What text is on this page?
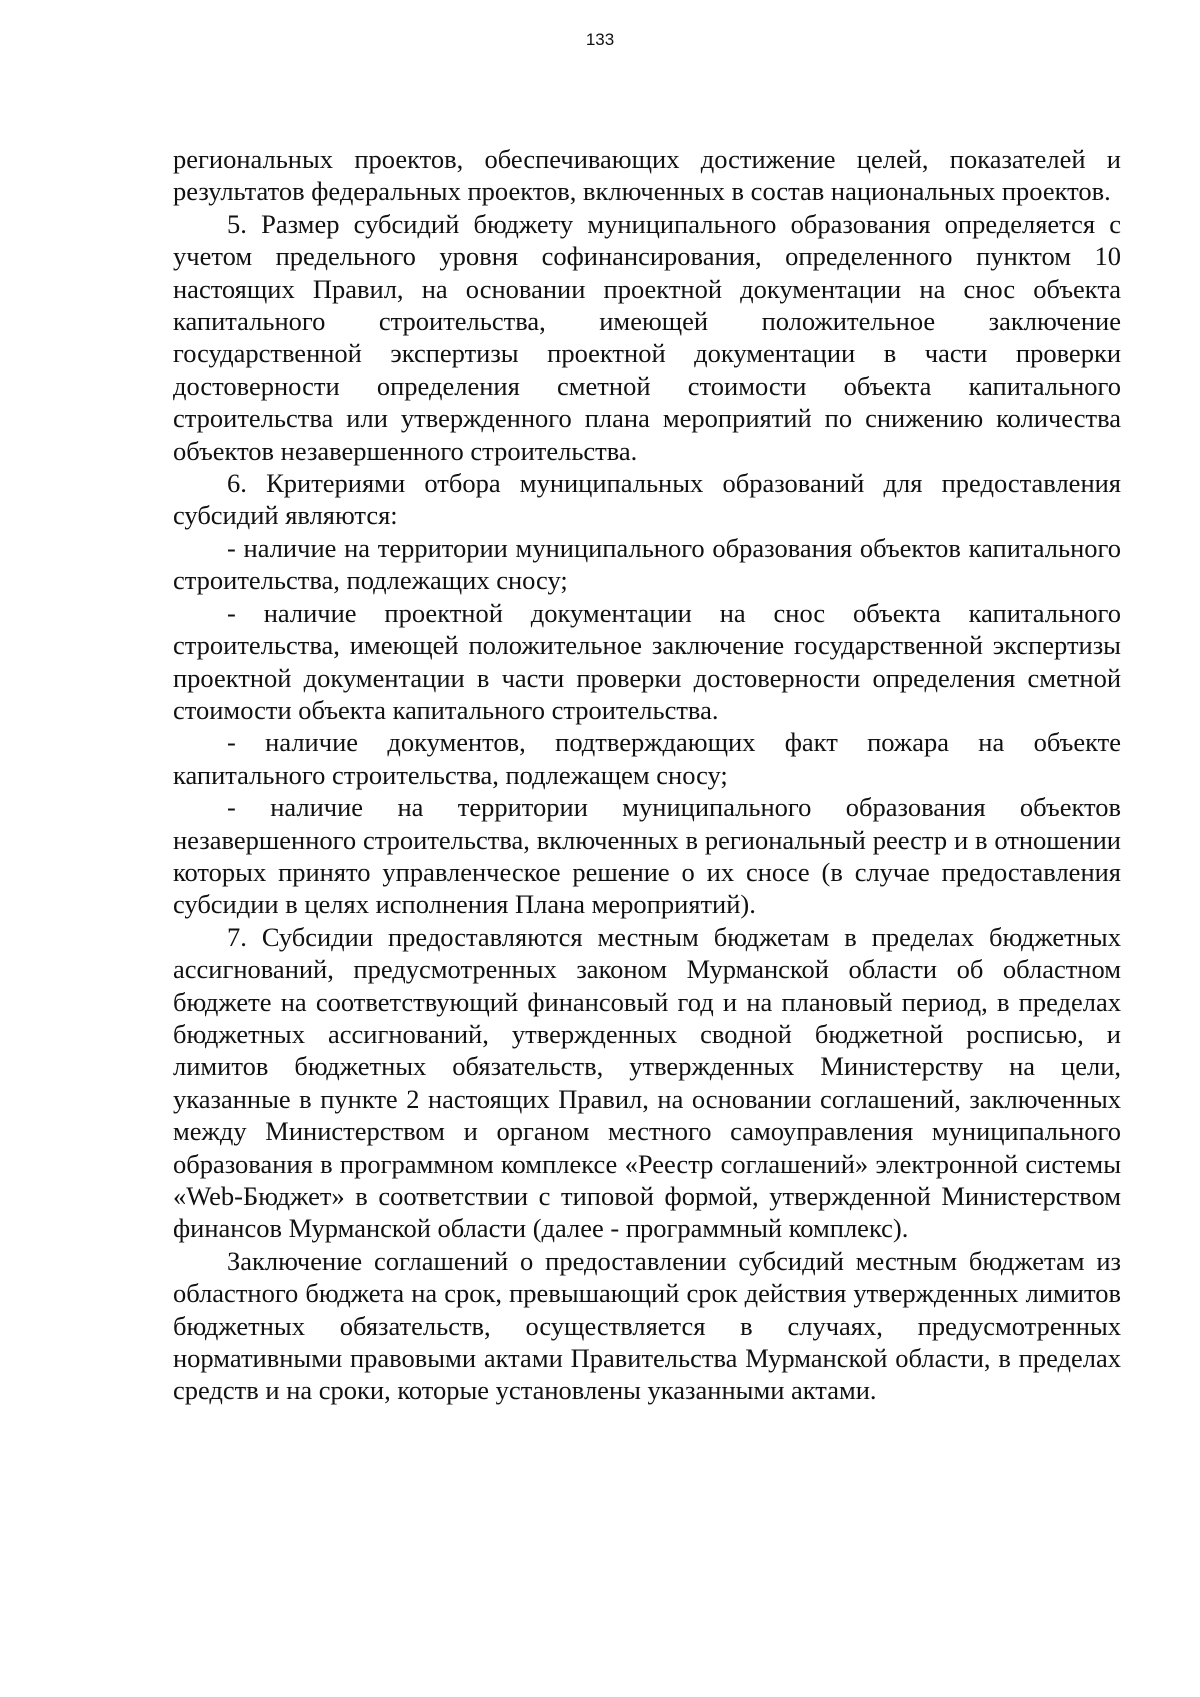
133

региональных проектов, обеспечивающих достижение целей, показателей и результатов федеральных проектов, включенных в состав национальных проектов.

5. Размер субсидий бюджету муниципального образования определяется с учетом предельного уровня софинансирования, определенного пунктом 10 настоящих Правил, на основании проектной документации на снос объекта капитального строительства, имеющей положительное заключение государственной экспертизы проектной документации в части проверки достоверности определения сметной стоимости объекта капитального строительства или утвержденного плана мероприятий по снижению количества объектов незавершенного строительства.

6. Критериями отбора муниципальных образований для предоставления субсидий являются:

- наличие на территории муниципального образования объектов капитального строительства, подлежащих сносу;

- наличие проектной документации на снос объекта капитального строительства, имеющей положительное заключение государственной экспертизы проектной документации в части проверки достоверности определения сметной стоимости объекта капитального строительства.

- наличие документов, подтверждающих факт пожара на объекте капитального строительства, подлежащем сносу;

- наличие на территории муниципального образования объектов незавершенного строительства, включенных в региональный реестр и в отношении которых принято управленческое решение о их сносе (в случае предоставления субсидии в целях исполнения Плана мероприятий).

7. Субсидии предоставляются местным бюджетам в пределах бюджетных ассигнований, предусмотренных законом Мурманской области об областном бюджете на соответствующий финансовый год и на плановый период, в пределах бюджетных ассигнований, утвержденных сводной бюджетной росписью, и лимитов бюджетных обязательств, утвержденных Министерству на цели, указанные в пункте 2 настоящих Правил, на основании соглашений, заключенных между Министерством и органом местного самоуправления муниципального образования в программном комплексе «Реестр соглашений» электронной системы «Web-Бюджет» в соответствии с типовой формой, утвержденной Министерством финансов Мурманской области (далее - программный комплекс).

Заключение соглашений о предоставлении субсидий местным бюджетам из областного бюджета на срок, превышающий срок действия утвержденных лимитов бюджетных обязательств, осуществляется в случаях, предусмотренных нормативными правовыми актами Правительства Мурманской области, в пределах средств и на сроки, которые установлены указанными актами.
